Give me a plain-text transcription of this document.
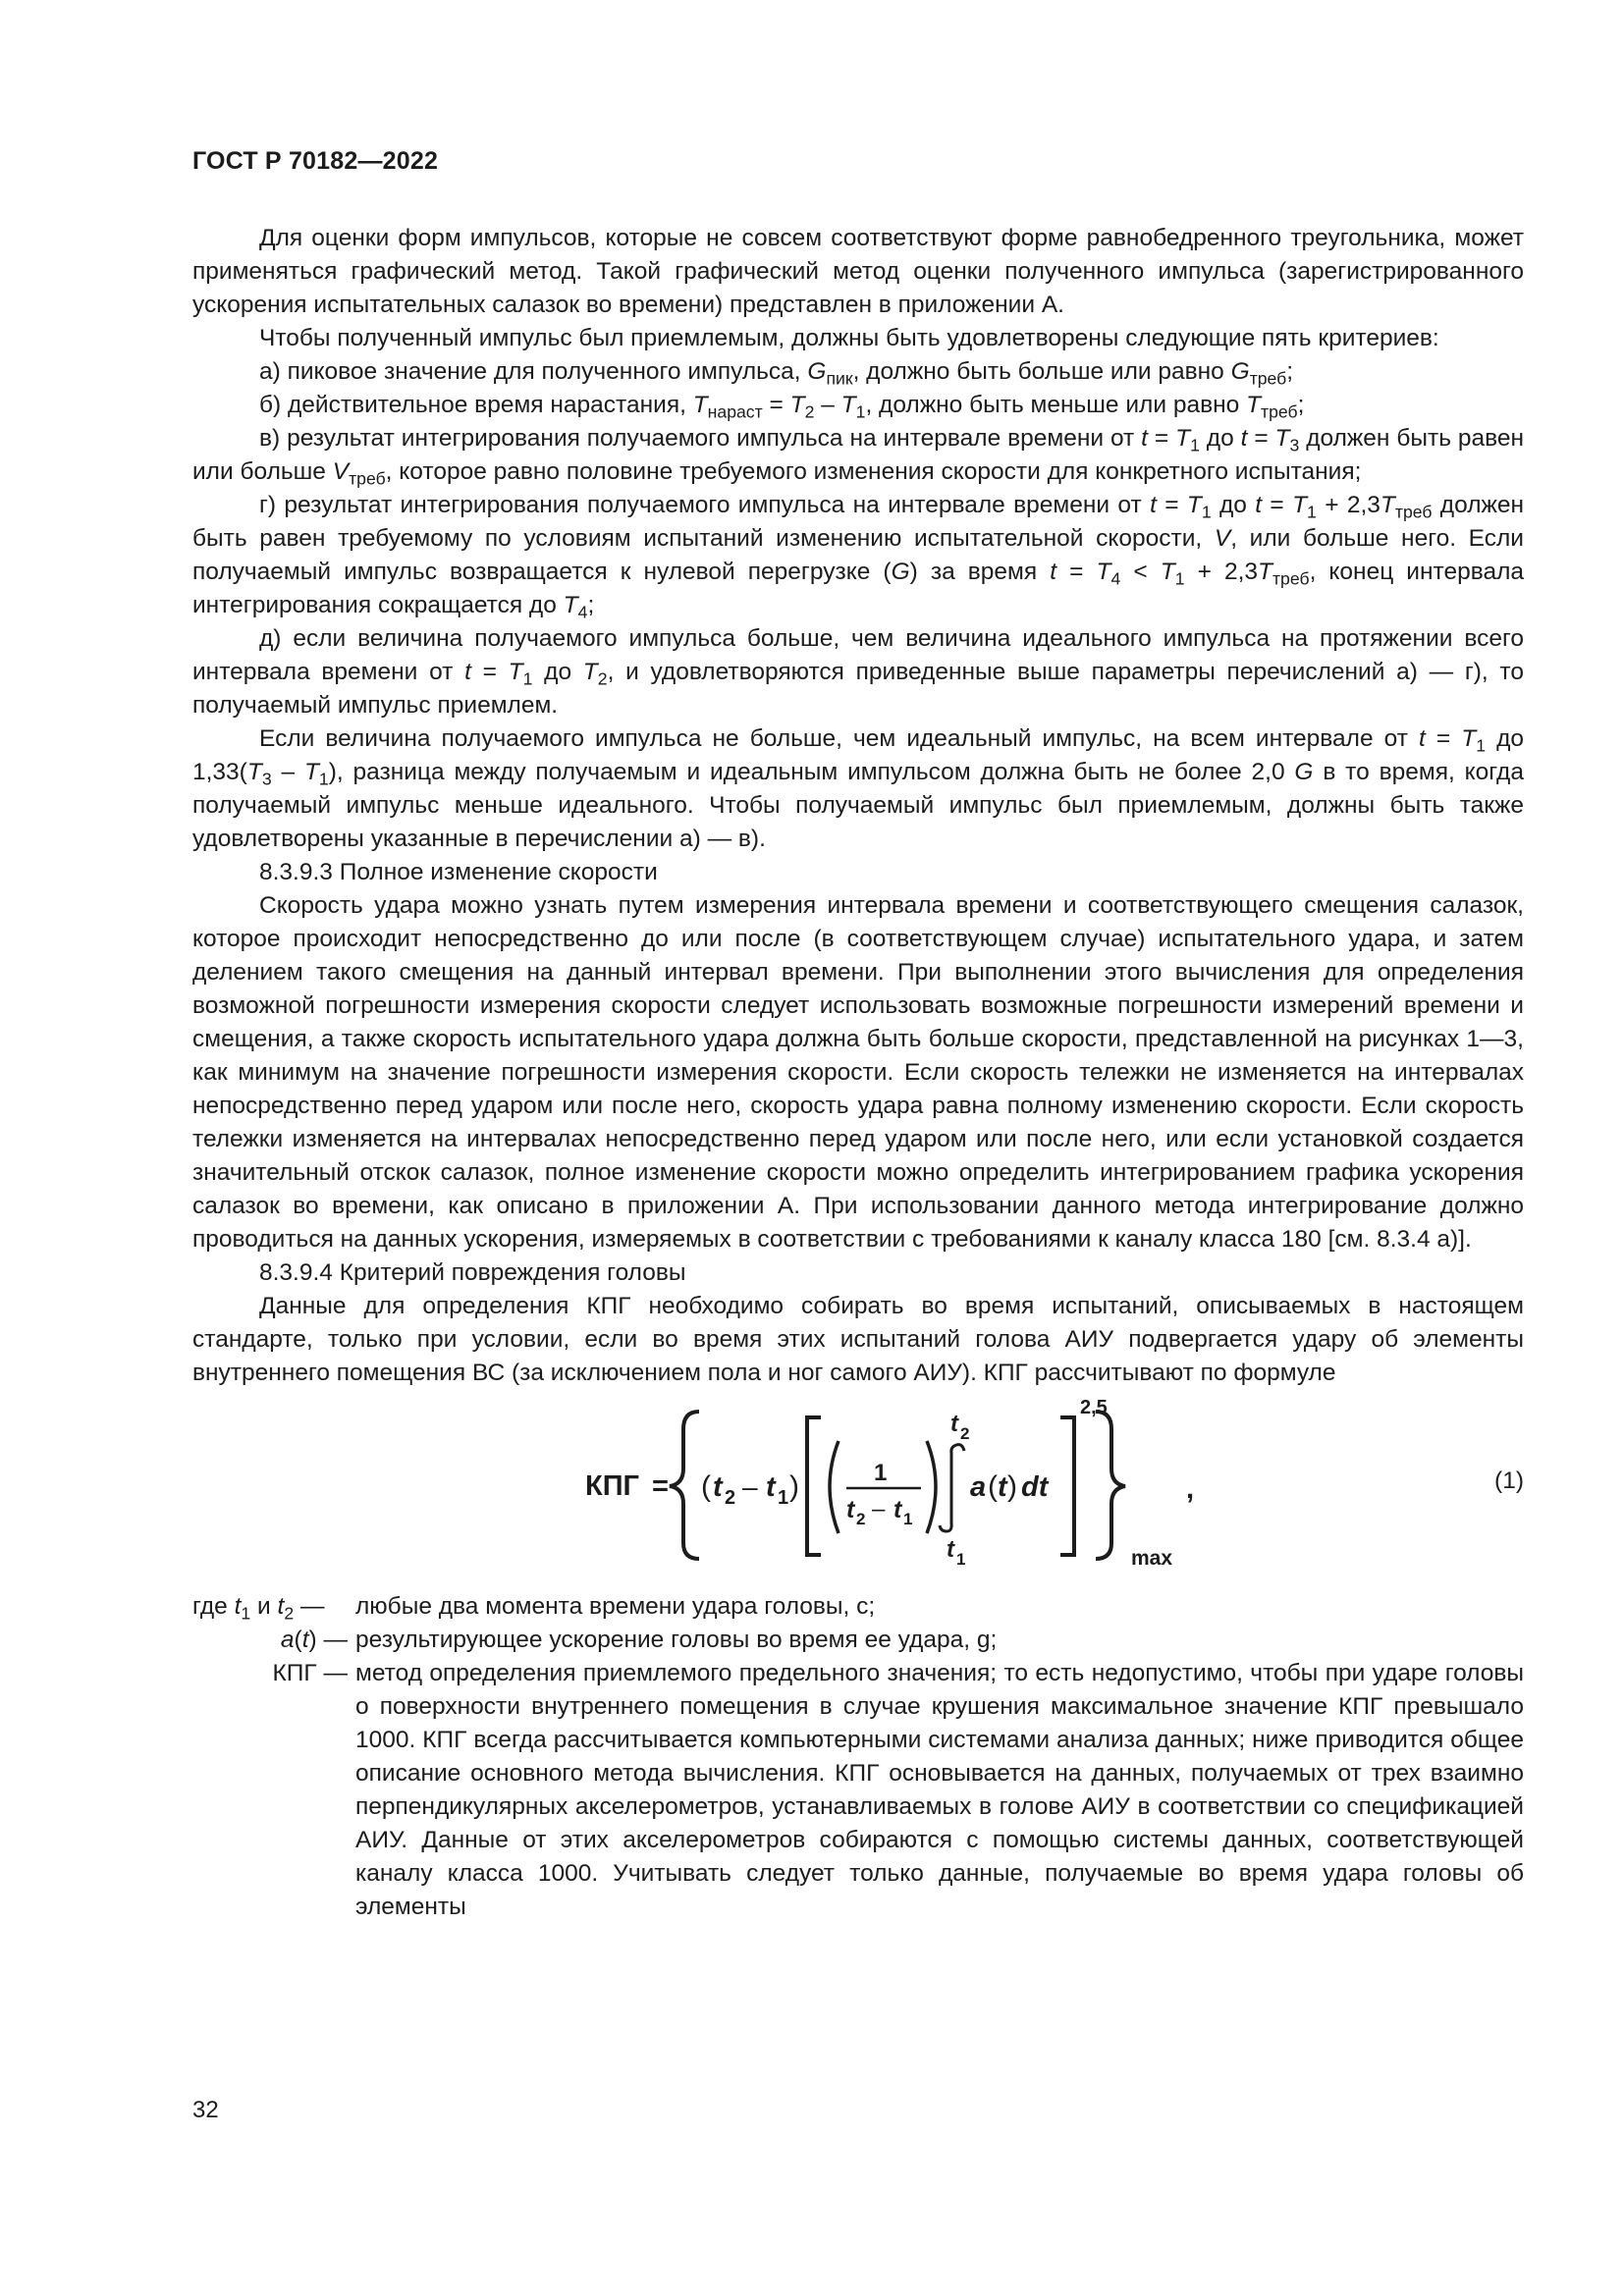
ГОСТ Р 70182—2022

Для оценки форм импульсов, которые не совсем соответствуют форме равнобедренного треугольника, может применяться графический метод. Такой графический метод оценки полученного импульса (зарегистрированного ускорения испытательных салазок во времени) представлен в приложении А.

Чтобы полученный импульс был приемлемым, должны быть удовлетворены следующие пять критериев:

а) пиковое значение для полученного импульса, $G_{пик}$, должно быть больше или равно $G_{треб}$;

б) действительное время нарастания, $T_{нараст} = T_2 - T_1$, должно быть меньше или равно $T_{треб}$;

в) результат интегрирования получаемого импульса на интервале времени от $t = T_1$ до $t = T_3$ должен быть равен или больше $V_{треб}$, которое равно половине требуемого изменения скорости для конкретного испытания;

г) результат интегрирования получаемого импульса на интервале времени от $t = T_1$ до $t = T_1 + 2,3T_{треб}$ должен быть равен требуемому по условиям испытаний изменению испытательной скорости, V, или больше него. Если получаемый импульс возвращается к нулевой перегрузке (G) за время $t = T_4 < T_1 + 2,3T_{треб}$, конец интервала интегрирования сокращается до $T_4$;

д) если величина получаемого импульса больше, чем величина идеального импульса на протяжении всего интервала времени от $t = T_1$ до $T_2$, и удовлетворяются приведенные выше параметры перечислений а) — г), то получаемый импульс приемлем.

Если величина получаемого импульса не больше, чем идеальный импульс, на всем интервале от $t = T_1$ до $1,33(T_3 - T_1)$, разница между получаемым и идеальным импульсом должна быть не более 2,0 G в то время, когда получаемый импульс меньше идеального. Чтобы получаемый импульс был приемлемым, должны быть также удовлетворены указанные в перечислении а) — в).

8.3.9.3 Полное изменение скорости

Скорость удара можно узнать путем измерения интервала времени и соответствующего смещения салазок, которое происходит непосредственно до или после (в соответствующем случае) испытательного удара, и затем делением такого смещения на данный интервал времени. При выполнении этого вычисления для определения возможной погрешности измерения скорости следует использовать возможные погрешности измерений времени и смещения, а также скорость испытательного удара должна быть больше скорости, представленной на рисунках 1—3, как минимум на значение погрешности измерения скорости. Если скорость тележки не изменяется на интервалах непосредственно перед ударом или после него, скорость удара равна полному изменению скорости. Если скорость тележки изменяется на интервалах непосредственно перед ударом или после него, или если установкой создается значительный отскок салазок, полное изменение скорости можно определить интегрированием графика ускорения салазок во времени, как описано в приложении А. При использовании данного метода интегрирование должно проводиться на данных ускорения, измеряемых в соответствии с требованиями к каналу класса 180 [см. 8.3.4 а)].

8.3.9.4 Критерий повреждения головы

Данные для определения КПГ необходимо собирать во время испытаний, описываемых в настоящем стандарте, только при условии, если во время этих испытаний голова АИУ подвергается удару об элементы внутреннего помещения ВС (за исключением пола и ног самого АИУ). КПГ рассчитывают по формуле

КПГ = ( t 2 – t 1 )	1
t 2 – t 1
t 2
t 1
a ( t ) dt
2,5
max
,	(1)
где $t_1$ и $t_2$ —	любые два момента времени удара головы, с;
a(t) — результирующее ускорение головы во время ее удара, g;
КПГ — метод определения приемлемого предельного значения; то есть недопустимо, чтобы при ударе головы о поверхности внутреннего помещения в случае крушения максимальное значение КПГ превышало 1000. КПГ всегда рассчитывается компьютерными системами анализа данных; ниже приводится общее описание основного метода вычисления. КПГ основывается на данных, получаемых от трех взаимно перпендикулярных акселерометров, устанавливаемых в голове АИУ в соответствии со спецификацией АИУ. Данные от этих акселерометров собираются с помощью системы данных, соответствующей каналу класса 1000. Учитывать следует только данные, получаемые во время удара головы об элементы
32
